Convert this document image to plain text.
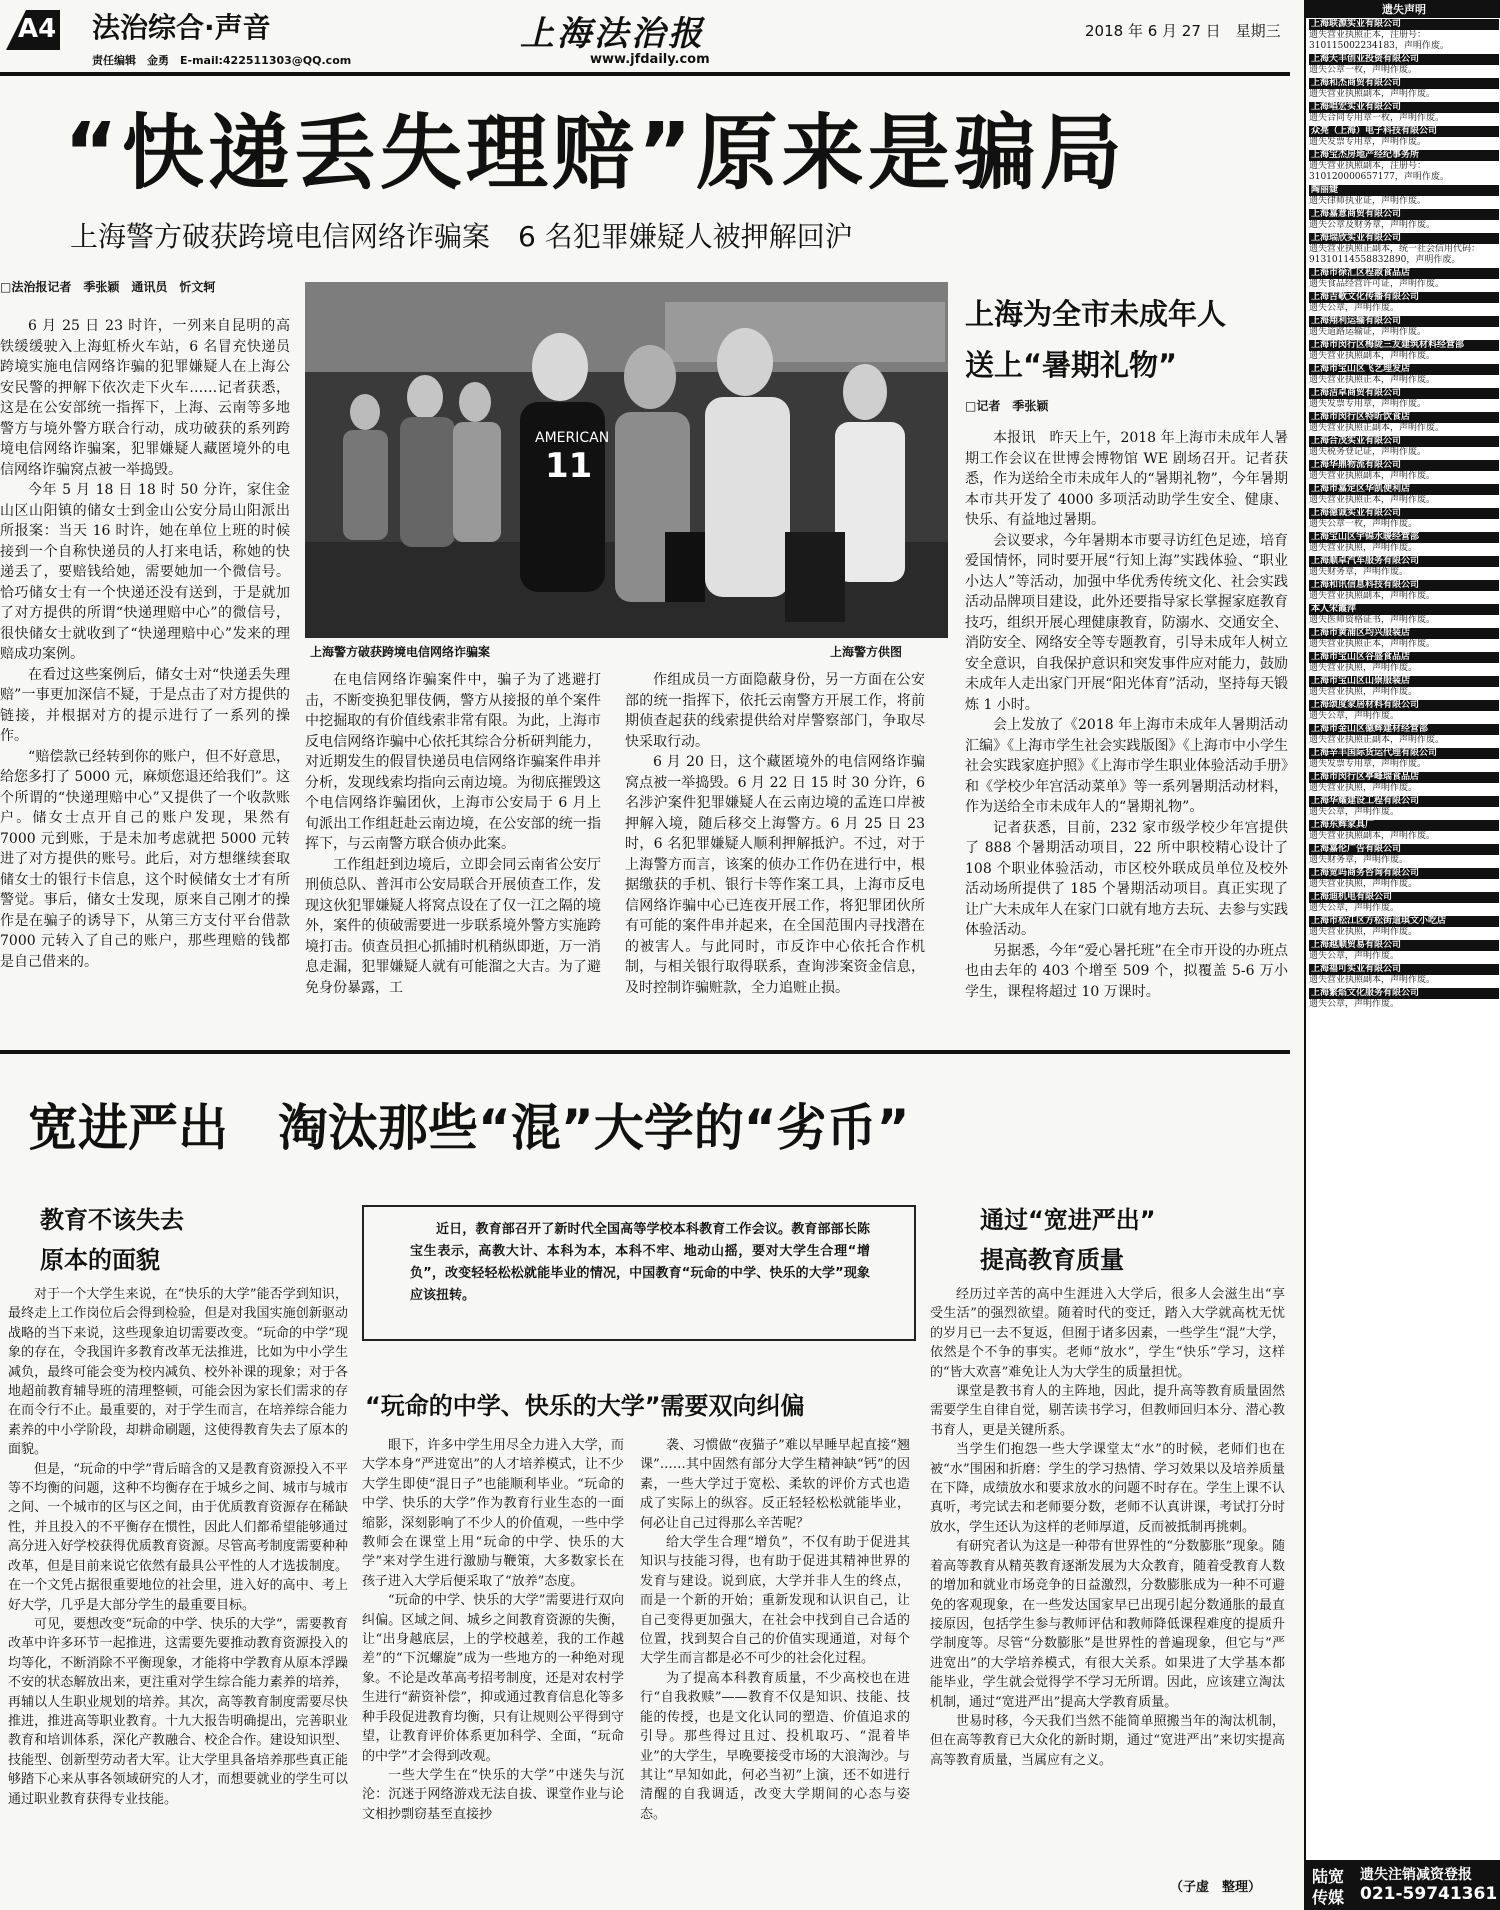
A4 法治综合·声音
责任编辑　金勇　E-mail:422511303@QQ.com
上海法治报
www.jfdaily.com
2018 年 6 月 27 日　星期三
“快递丢失理赔”原来是骗局
上海警方破获跨境电信网络诈骗案　6 名犯罪嫌疑人被押解回沪
□法治报记者　季张颖　通讯员　忻文轲

6 月 25 日 23 时许，一列来自昆明的高铁缓缓驶入上海虹桥火车站，6 名冒充快递员跨境实施电信网络诈骗的犯罪嫌疑人在上海公安民警的押解下依次走下火车……记者获悉，这是在公安部统一指挥下，上海、云南等多地警方与境外警方联合行动，成功破获的系列跨境电信网络诈骗案，犯罪嫌疑人藏匿境外的电信网络诈骗窝点被一举捣毁。

今年 5 月 18 日 18 时 50 分许，家住金山区山阳镇的储女士到金山公安分局山阳派出所报案：当天 16 时许，她在单位上班的时候接到一个自称快递员的人打来电话，称她的快递丢了，要赔钱给她，需要她加一个微信号。恰巧储女士有一个快递还没有送到，于是就加了对方提供的所谓“快递理赔中心”的微信号，很快储女士就收到了“快递理赔中心”发来的理赔成功案例。

在看过这些案例后，储女士对“快递丢失理赔”一事更加深信不疑，于是点击了对方提供的链接，并根据对方的提示进行了一系列的操作。

“赔偿款已经转到你的账户，但不好意思，给您多打了 5000 元，麻烦您退还给我们”。这个所谓的“快递理赔中心”又提供了一个收款账户。储女士点开自己的账户发现，果然有 7000 元到账，于是未加考虑就把 5000 元转进了对方提供的账号。此后，对方想继续套取储女士的银行卡信息，这个时候储女士才有所警觉。事后，储女士发现，原来自己刚才的操作是在骗子的诱导下，从第三方支付平台借款 7000 元转入了自己的账户，那些理赔的钱都是自己借来的。

AMERICAN
11
上海警方破获跨境电信网络诈骗案	上海警方供图

在电信网络诈骗案件中，骗子为了逃避打击，不断变换犯罪伎俩，警方从接报的单个案件中挖掘取的有价值线索非常有限。为此，上海市反电信网络诈骗中心依托其综合分析研判能力，对近期发生的假冒快递员电信网络诈骗案件串并分析，发现线索均指向云南边境。为彻底摧毁这个电信网络诈骗团伙，上海市公安局于 6 月上旬派出工作组赶赴云南边境，在公安部的统一指挥下，与云南警方联合侦办此案。

工作组赶到边境后，立即会同云南省公安厅刑侦总队、普洱市公安局联合开展侦查工作，发现这伙犯罪嫌疑人将窝点设在了仅一江之隔的境外，案件的侦破需要进一步联系境外警方实施跨境打击。侦查员担心抓捕时机稍纵即逝，万一消息走漏，犯罪嫌疑人就有可能溜之大吉。为了避免身份暴露，工

作组成员一方面隐蔽身份，另一方面在公安部的统一指挥下，依托云南警方开展工作，将前期侦查起获的线索提供给对岸警察部门，争取尽快采取行动。

6 月 20 日，这个藏匿境外的电信网络诈骗窝点被一举捣毁。6 月 22 日 15 时 30 分许，6 名涉沪案件犯罪嫌疑人在云南边境的孟连口岸被押解入境，随后移交上海警方。6 月 25 日 23 时，6 名犯罪嫌疑人顺利押解抵沪。不过，对于上海警方而言，该案的侦办工作仍在进行中，根据缴获的手机、银行卡等作案工具，上海市反电信网络诈骗中心已连夜开展工作，将犯罪团伙所有可能的案件串并起来，在全国范围内寻找潜在的被害人。与此同时，市反诈中心依托合作机制，与相关银行取得联系，查询涉案资金信息，及时控制诈骗赃款，全力追赃止损。

上海为全市未成年人
送上“暑期礼物”
□记者　季张颖

本报讯　昨天上午，2018 年上海市未成年人暑期工作会议在世博会博物馆 WE 剧场召开。记者获悉，作为送给全市未成年人的“暑期礼物”，今年暑期本市共开发了 4000 多项活动助学生安全、健康、快乐、有益地过暑期。

会议要求，今年暑期本市要寻访红色足迹，培育爱国情怀，同时要开展“行知上海”实践体验、“职业小达人”等活动，加强中华优秀传统文化、社会实践活动品牌项目建设，此外还要指导家长掌握家庭教育技巧，组织开展心理健康教育，防溺水、交通安全、消防安全、网络安全等专题教育，引导未成年人树立安全意识，自我保护意识和突发事件应对能力，鼓励未成年人走出家门开展“阳光体育”活动，坚持每天锻炼 1 小时。

会上发放了《2018 年上海市未成年人暑期活动汇编》《上海市学生社会实践版图》《上海市中小学生社会实践家庭护照》《上海市学生职业体验活动手册》和《学校少年宫活动菜单》等一系列暑期活动材料，作为送给全市未成年人的“暑期礼物”。

记者获悉，目前，232 家市级学校少年宫提供了 888 个暑期活动项目，22 所中职校精心设计了 108 个职业体验活动，市区校外联成员单位及校外活动场所提供了 185 个暑期活动项目。真正实现了让广大未成年人在家门口就有地方去玩、去参与实践体验活动。

另据悉，今年“爱心暑托班”在全市开设的办班点也由去年的 403 个增至 509 个，拟覆盖 5-6 万小学生，课程将超过 10 万课时。

宽进严出　淘汰那些“混”大学的“劣币”
教育不该失去
原本的面貌

对于一个大学生来说，在“快乐的大学”能否学到知识，最终走上工作岗位后会得到检验，但是对我国实施创新驱动战略的当下来说，这些现象迫切需要改变。“玩命的中学”现象的存在，令我国许多教育改革无法推进，比如为中小学生减负，最终可能会变为校内减负、校外补课的现象；对于各地超前教育辅导班的清理整顿，可能会因为家长们需求的存在而令行不止。最重要的，对于学生而言，在培养综合能力素养的中小学阶段，却耕命刷题，这使得教育失去了原本的面貌。

但是，“玩命的中学”背后暗含的又是教育资源投入不平等不均衡的问题，这种不均衡存在于城乡之间、城市与城市之间、一个城市的区与区之间，由于优质教育资源存在稀缺性，并且投入的不平衡存在惯性，因此人们都希望能够通过高分进入好学校获得优质教育资源。尽管高考制度需要种种改革，但是目前来说它依然有最具公平性的人才选拔制度。在一个文凭占据很重要地位的社会里，进入好的高中、考上好大学，几乎是大部分学生的最重要目标。

可见，要想改变“玩命的中学、快乐的大学”，需要教育改革中许多环节一起推进，这需要先要推动教育资源投入的均等化，不断消除不平衡现象，才能将中学教育从原本浮躁不安的状态解放出来，更注重对学生综合能力素养的培养，再辅以人生职业规划的培养。其次，高等教育制度需要尽快推进，推进高等职业教育。十九大报告明确提出，完善职业教育和培训体系，深化产教融合、校企合作。建设知识型、技能型、创新型劳动者大军。让大学里具备培养那些真正能够踏下心来从事各领域研究的人才，而想要就业的学生可以通过职业教育获得专业技能。

近日，教育部召开了新时代全国高等学校本科教育工作会议。教育部部长陈宝生表示，高教大计、本科为本，本科不牢、地动山摇，要对大学生合理“增负”，改变轻轻松松就能毕业的情况，中国教育“玩命的中学、快乐的大学”现象应该扭转。

“玩命的中学、快乐的大学”需要双向纠偏

眼下，许多中学生用尽全力进入大学，而大学本身“严进宽出”的人才培养模式，让不少大学生即使“混日子”也能顺利毕业。“玩命的中学、快乐的大学”作为教育行业生态的一面缩影，深刻影响了不少人的价值观，一些中学教师会在课堂上用“玩命的中学、快乐的大学”来对学生进行激励与鞭策，大多数家长在孩子进入大学后便采取了“放养”态度。

“玩命的中学、快乐的大学”需要进行双向纠偏。区域之间、城乡之间教育资源的失衡，让“出身越底层，上的学校越差，我的工作越差”的“下沉螺旋”成为一些地方的一种绝对现象。不论是改革高考招考制度，还是对农村学生进行“薪资补偿”，抑或通过教育信息化等多种手段促进教育均衡，只有让规则公平得到守望，让教育评价体系更加科学、全面，“玩命的中学”才会得到改观。

一些大学生在“快乐的大学”中迷失与沉沦：沉迷于网络游戏无法自拔、课堂作业与论文相抄剽窃基至直接抄

袭、习惯做“夜猫子”难以早睡早起直接“翘课”……其中固然有部分大学生精神缺“钙”的因素，一些大学过于宽松、柔软的评价方式也造成了实际上的纵容。反正轻轻松松就能毕业，何必让自己过得那么辛苦呢？

给大学生合理“增负”，不仅有助于促进其知识与技能习得，也有助于促进其精神世界的发育与建设。说到底，大学并非人生的终点，而是一个新的开始；重新发现和认识自己，让自己变得更加强大，在社会中找到自己合适的位置，找到契合自己的价值实现通道，对每个大学生而言都是必不可少的社会化过程。

为了提高本科教育质量，不少高校也在进行“自我救赎”——教育不仅是知识、技能、技能的传授，也是文化认同的塑造、价值追求的引导。那些得过且过、投机取巧、“混着毕业”的大学生，早晚要接受市场的大浪淘沙。与其让“早知如此，何必当初”上演，还不如进行清醒的自我调适，改变大学期间的心态与姿态。

通过“宽进严出”
提高教育质量

经历过辛苦的高中生涯进入大学后，很多人会滋生出“享受生活”的强烈欲望。随着时代的变迁，踏入大学就高枕无忧的岁月已一去不复返，但囿于诸多因素，一些学生“混”大学，依然是个不争的事实。老师“放水”，学生“快乐”学习，这样的“皆大欢喜”难免让人为大学生的质量担忧。

课堂是教书育人的主阵地，因此，提升高等教育质量固然需要学生自律自觉，剔苦读书学习，但教师回归本分、潜心教书育人，更是关键所系。

当学生们抱怨一些大学课堂太“水”的时候，老师们也在被“水”围困和折磨：学生的学习热情、学习效果以及培养质量在下降，成绩放水和要求放水的问题不时存在。学生上课不认真听，考完试去和老师要分数，老师不认真讲课，考试打分时放水，学生还认为这样的老师厚道，反而被抵制再挑刺。

有研究者认为这是一种带有世界性的“分数膨胀”现象。随着高等教育从精英教育逐渐发展为大众教育，随着受教育人数的增加和就业市场竞争的日益激烈，分数膨胀成为一种不可避免的客观现象，在一些发达国家早已出现引起分数通胀的最直接原因，包括学生参与教师评估和教师降低课程难度的提质升学制度等。尽管“分数膨胀”是世界性的普遍现象，但它与“严进宽出”的大学培养模式，有很大关系。如果进了大学基本都能毕业，学生就会觉得学不学习无所谓。因此，应该建立淘汰机制，通过“宽进严出”提高大学教育质量。

世易时移，今天我们当然不能简单照搬当年的淘汰机制，但在高等教育已大众化的新时期，通过“宽进严出”来切实提高高等教育质量，当属应有之义。

（子虚　整理）
遗失声明
上海联源实业有限公司
遗失营业执照正本，注册号：310115002234183，声明作废。
上海天丰创业投资有限公司
遗失公章一枚，声明作废。
上海和杰商贸有限公司
遗失营业执照副本，声明作废。
上海唱宏实业有限公司
遗失合同专用章一枚，声明作废。
众亮（上海）电子科技有限公司
遗失发票专用章，声明作废。
上海宝杰房地产经纪事务所
遗失营业执照副本，注册号：310120000657177，声明作废。
陶丽婕
遗失律师执业证，声明作废。
上海嘉意商贸有限公司
遗失公章及财务章，声明作废。
上海瑞欣实业有限公司
遗失营业执照正副本，统一社会信用代码：91310114558832890，声明作废。
上海市徐汇区程淑食品店
遗失食品经营许可证，声明作废。
上海吉歌文化传播有限公司
遗失公章，声明作废。
上海翔利运输有限公司
遗失道路运输证，声明作废。
上海市闵行区梅陇三友建筑材料经营部
遗失营业执照副本，声明作废。
上海市宝山区飞艺理发店
遗失营业执照正本，声明作废。
上海洁卓商贸有限公司
遗失发票专用章，声明作废。
上海市闵行区特昕饮食店
遗失营业执照正副本，声明作废。
上海合茂实业有限公司
遗失税务登记证，声明作废。
上海华鼎物流有限公司
遗失营业执照副本，声明作废。
上海市嘉定区华凯便利店
遗失营业执照正本，声明作废。
上海德诚实业有限公司
遗失公章一枚，声明作废。
上海宝山区宇锦水暖经营部
遗失营业执照，声明作废。
上海顺卓汽车服务有限公司
遗失财务章，声明作废。
上海和讯信息科技有限公司
遗失营业执照副本，声明作废。
本人宋霞萍
遗失医师资格证书，声明作废。
上海市黄浦区均兴服装店
遗失营业执照正本，声明作废。
上海市宝山区谷盛食品店
遗失营业执照，声明作废。
上海市宝山区山崇服装店
遗失营业执照，声明作废。
上海颂度家居材料有限公司
遗失公章，声明作废。
上海市金山区德辉建材经营部
遗失营业执照正副本，声明作废。
上海辛丰国际货运代理有限公司
遗失发票专用章，声明作废。
上海市闵行区亭峰瑞食品店
遗失营业执照，声明作废。
上海华耀建设工程有限公司
遗失公章，声明作废。
上海东辉家具厂
遗失营业执照副本，声明作废。
上海嘉伦广告有限公司
遗失财务章，声明作废。
上海宽吗商务咨询有限公司
遗失营业执照，声明作废。
上海迪机电有限公司
遗失公章，声明作废。
上海市松江区方松街道琪文小吃店
遗失营业执照，声明作废。
上海越顺贸易有限公司
遗失公章，声明作废。
上海福可实业有限公司
遗失营业执照副本，声明作废。
上海繁焰文化服务有限公司
遗失公章，声明作废。
陆宽
传媒
遗失注销减资登报
021-59741361
